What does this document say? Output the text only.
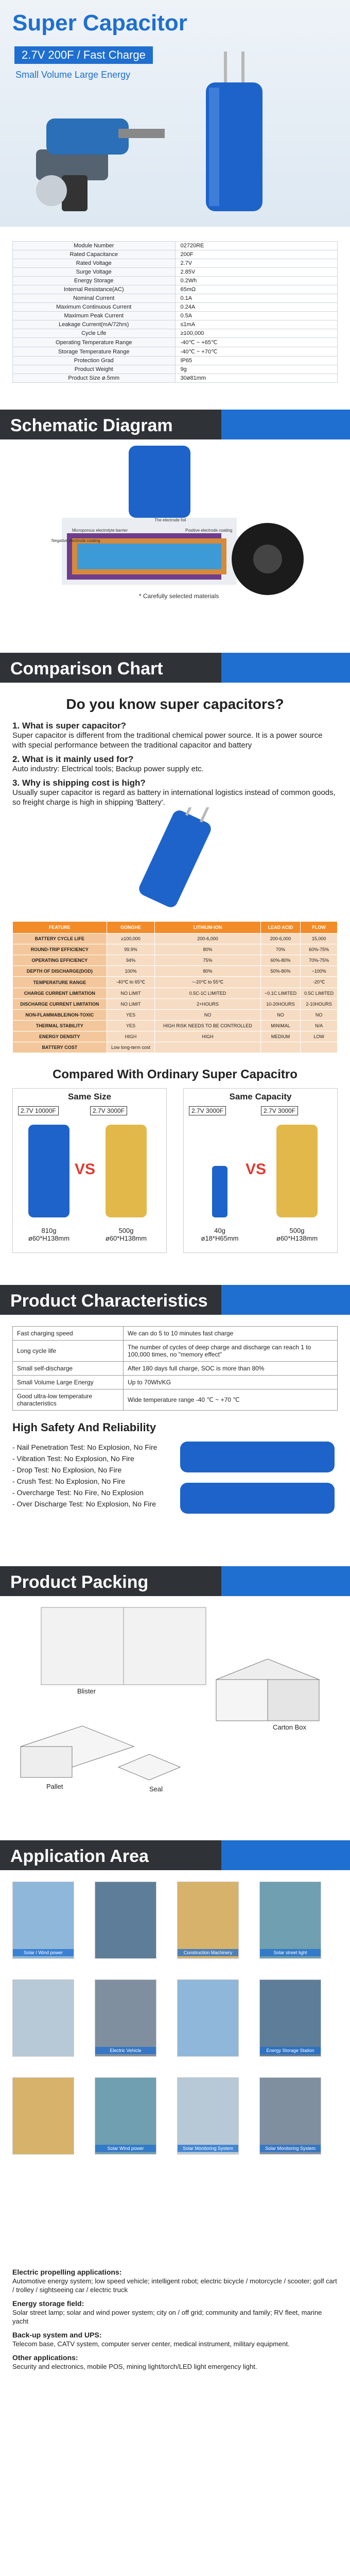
Super Capacitor
2.7V 200F / Fast Charge
Small Volume Large Energy
Module Number	02720RE
Rated Capacitance	200F
Rated Voltage	2.7V
Surge Voltage	2.85V
Energy Storage	0.2Wh
Internal Resistance(AC)	65mΩ
Nominal Current	0.1A
Maximum Continuous Current	0.24A
Maximum Peak Current	0.5A
Leakage Current(mA/72hrs)	≤1mA
Cycle Life	≥100,000
Operating Temperature Range	-40℃ ~ +65℃
Storage Temperature Range	-40℃ ~ +70℃
Protection Grad	IP65
Product Weight	9g
Product Size ø.5mm	30ø81mm
Schematic Diagram
The electrode foil
Positive electrode coating
Microporous electrolyte barrier
Negative electrode coating
* Carefully selected materials
Comparison Chart
Do you know super capacitors?
1. What is super capacitor?
Super capacitor is different from the traditional chemical power source. It is a power source with special performance between the traditional capacitor and battery
2. What is it mainly used for?
Auto industry: Electrical tools; Backup power supply etc.
3. Why is shipping cost is high?
Usually super capacitor is regard as battery in international logistics instead of common goods, so freight charge is high in shipping 'Battery'.
FEATURE	GONGHE	LITHIUM-ION	LEAD ACID	FLOW
BATTERY CYCLE LIFE	≥100,000	200-6,000	200-6,000	15,000
ROUND-TRIP EFFICIENCY	99.9%	80%	70%	60%-75%
OPERATING EFFICIENCY	94%	75%	60%-80%	70%-75%
DEPTH OF DISCHARGE(DOD)	100%	80%	50%-80%	~100%
TEMPERATURE RANGE	-40℃ to 65℃	~-20℃ to 55℃		-20℃
CHARGE CURRENT LIMITATION	NO LIMIT	0.5C-1C LIMITED	~0.1C LIMITED	0.5C LIMITED
DISCHARGE CURRENT LIMITATION	NO LIMIT	2+HOURS	10-20HOURS	2-10HOURS
NON-FLAMMABLE/NON-TOXIC	YES	NO	NO	NO
THERMAL STABILITY	YES	HIGH RISK NEEDS TO BE CONTROLLED	MINIMAL	N/A
ENERGY DENSITY	HIGH	HIGH	MEDIUM	LOW
BATTERY COST	Low long-term cost			
Compared With Ordinary Super Capacitro
Same Size
2.7V 10000F	2.7V 3000F
VS
810g
ø60*H138mm
500g
ø60*H138mm
Same Capacity
2.7V 3000F	2.7V 3000F
VS
40g
ø18*H65mm
500g
ø60*H138mm
Product Characteristics
Fast charging speed	We can do 5 to 10 minutes fast charge
Long cycle life	The number of cycles of deep charge and discharge can reach 1 to 100,000 times, no "memory effect"
Small self-discharge	After 180 days full charge, SOC is more than 80%
Small Volume Large Energy	Up to 70Wh/KG
Good ultra-low temperature characteristics	Wide temperature range -40 ℃ ~ +70 ℃
High Safety And Reliability
- Nail Penetration Test: No Explosion, No Fire
- Vibration Test: No Explosion, No Fire
- Drop Test: No Explosion, No Fire
- Crush Test: No Explosion, No Fire
- Overcharge Test: No Fire, No Explosion
- Over Discharge Test: No Explosion, No Fire
Product Packing
Blister
Carton Box
Pallet	Seal
Application Area
Solar / Wind power	Construction Machinery	Solar street light
Electric Vehicle	Energy Storage Station
Solar Wind power	Solar Monitoring System	Solar Monitoring System
Electric propelling applications:
Automotive energy system; low speed vehicle; intelligent robot; electric bicycle / motorcycle / scooter; golf cart / trolley / sightseeing car / electric truck
Energy storage field:
Solar street lamp; solar and wind power system; city on / off grid; community and family; RV fleet, marine yacht
Back-up system and UPS:
Telecom base, CATV system, computer server center, medical instrument, military equipment.
Other applications:
Security and electronics, mobile POS, mining light/torch/LED light emergency light.
